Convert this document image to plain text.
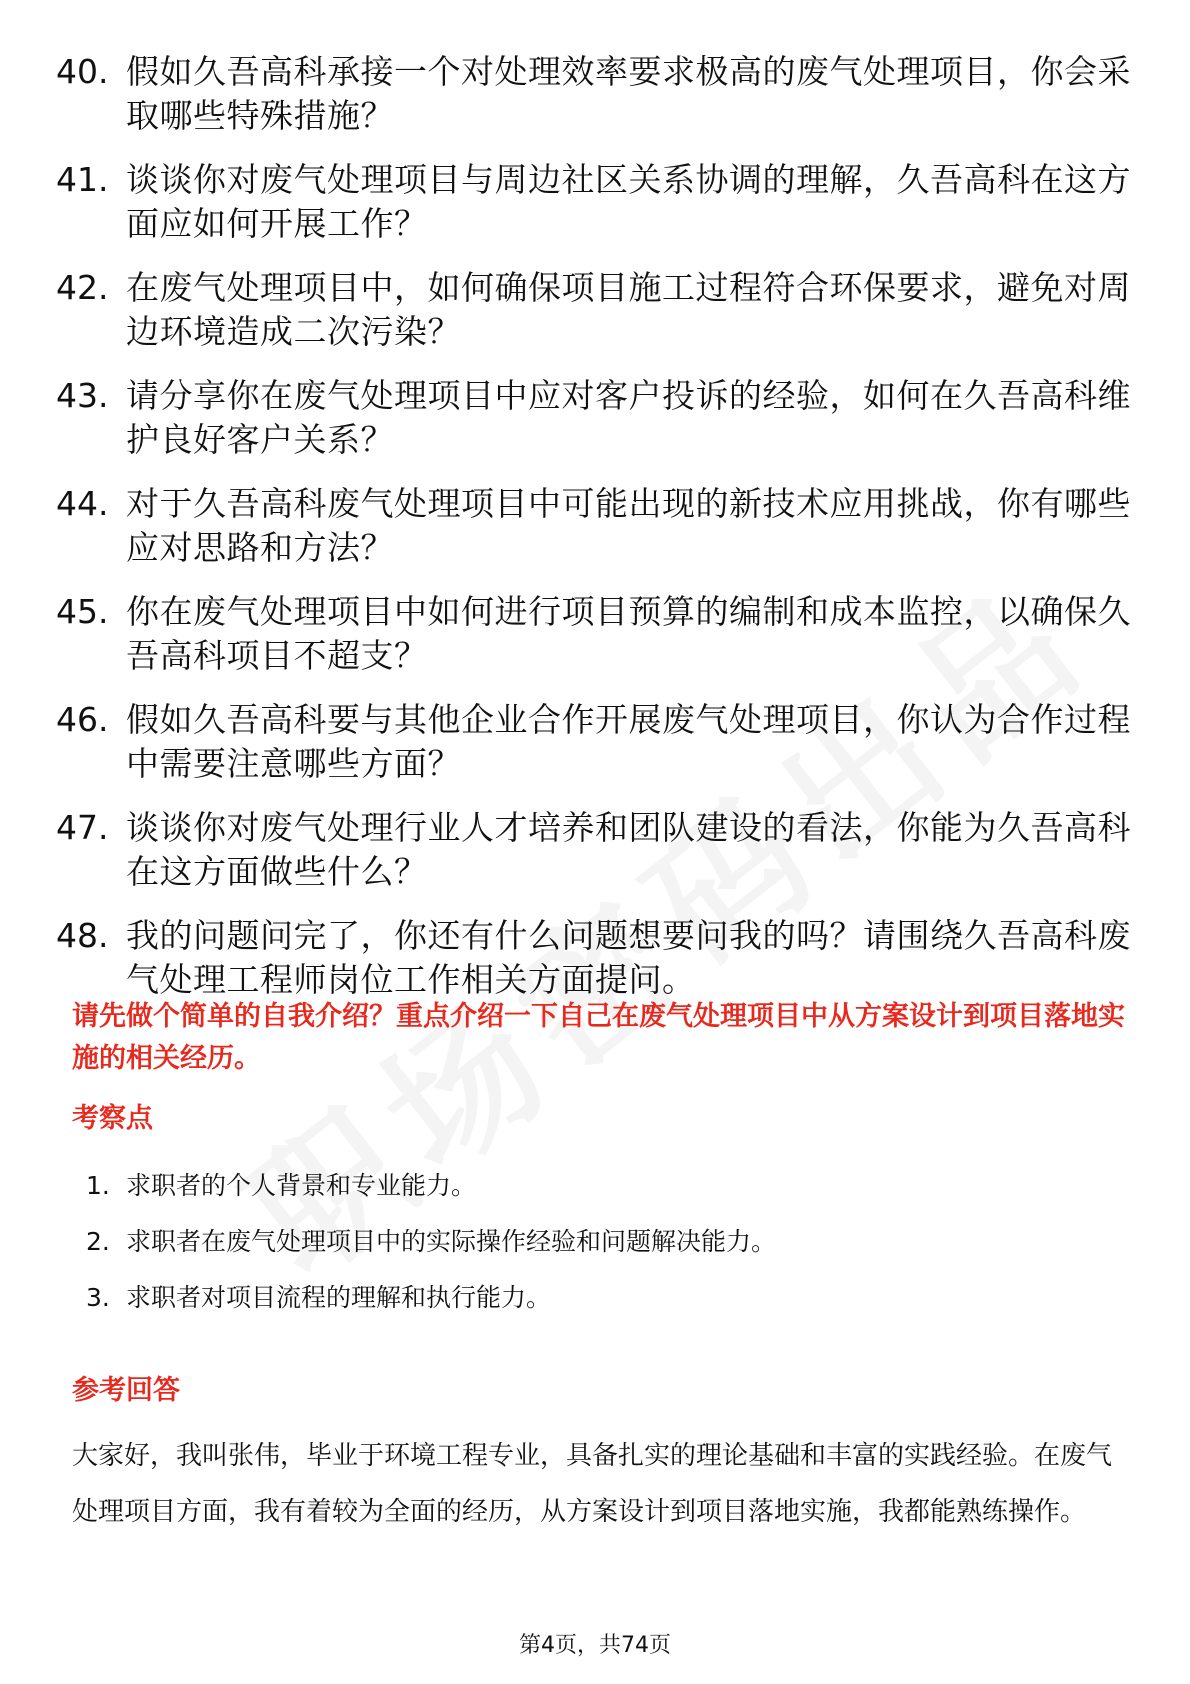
40. 假如久吾高科承接一个对处理效率要求极高的废气处理项目，你会采取哪些特殊措施？
41. 谈谈你对废气处理项目与周边社区关系协调的理解，久吾高科在这方面应如何开展工作？
42. 在废气处理项目中，如何确保项目施工过程符合环保要求，避免对周边环境造成二次污染？
43. 请分享你在废气处理项目中应对客户投诉的经验，如何在久吾高科维护良好客户关系？
44. 对于久吾高科废气处理项目中可能出现的新技术应用挑战，你有哪些应对思路和方法？
45. 你在废气处理项目中如何进行项目预算的编制和成本监控，以确保久吾高科项目不超支？
46. 假如久吾高科要与其他企业合作开展废气处理项目，你认为合作过程中需要注意哪些方面？
47. 谈谈你对废气处理行业人才培养和团队建设的看法，你能为久吾高科在这方面做些什么？
48. 我的问题问完了，你还有什么问题想要问我的吗？请围绕久吾高科废气处理工程师岗位工作相关方面提问。
请先做个简单的自我介绍？重点介绍一下自己在废气处理项目中从方案设计到项目落地实施的相关经历。
考察点
1. 求职者的个人背景和专业能力。
2. 求职者在废气处理项目中的实际操作经验和问题解决能力。
3. 求职者对项目流程的理解和执行能力。
参考回答
大家好，我叫张伟，毕业于环境工程专业，具备扎实的理论基础和丰富的实践经验。在废气处理项目方面，我有着较为全面的经历，从方案设计到项目落地实施，我都能熟练操作。
第4页，共74页
